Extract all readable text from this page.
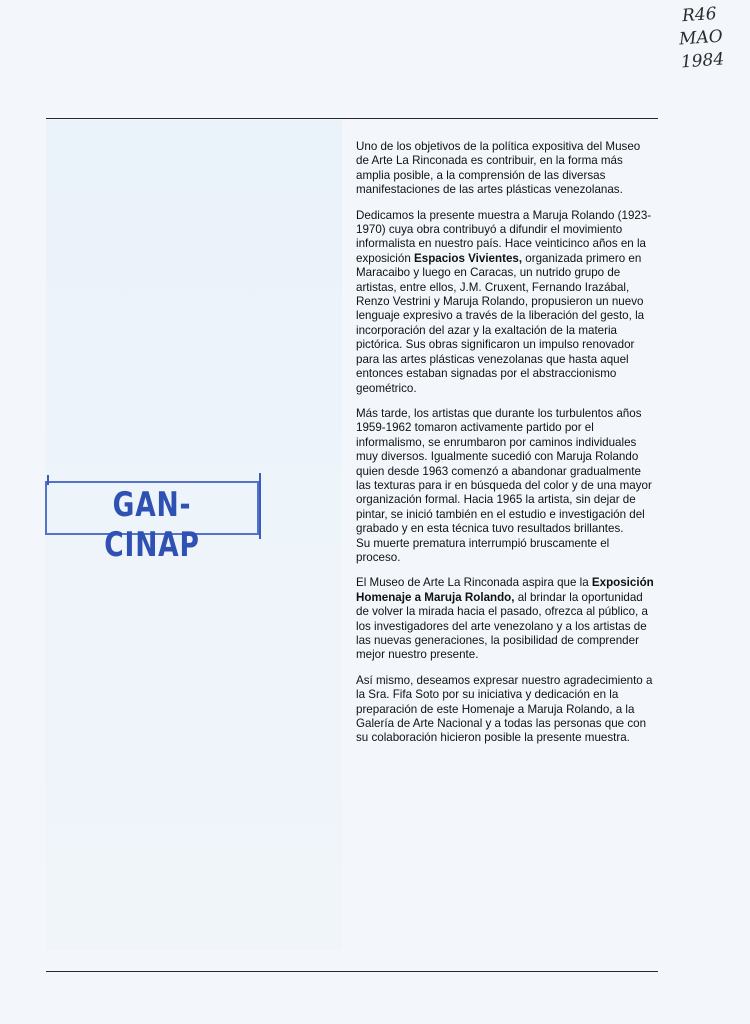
R46
MAO
1984
GAN-CINAP

Uno de los objetivos de la política expositiva del Museo de Arte La Rinconada es contribuir, en la forma más amplia posible, a la comprensión de las diversas manifestaciones de las artes plásticas venezolanas.

Dedicamos la presente muestra a Maruja Rolando (1923-1970) cuya obra contribuyó a difundir el movimiento informalista en nuestro país. Hace veinticinco años en la exposición Espacios Vivientes, organizada primero en Maracaibo y luego en Caracas, un nutrido grupo de artistas, entre ellos, J.M. Cruxent, Fernando Irazábal, Renzo Vestrini y Maruja Rolando, propusieron un nuevo lenguaje expresivo a través de la liberación del gesto, la incorporación del azar y la exaltación de la materia pictórica. Sus obras significaron un impulso renovador para las artes plásticas venezolanas que hasta aquel entonces estaban signadas por el abstraccionismo geométrico.

Más tarde, los artistas que durante los turbulentos años 1959-1962 tomaron activamente partido por el informalismo, se enrumbaron por caminos individuales muy diversos. Igualmente sucedió con Maruja Rolando quien desde 1963 comenzó a abandonar gradualmente las texturas para ir en búsqueda del color y de una mayor organización formal. Hacia 1965 la artista, sin dejar de pintar, se inició también en el estudio e investigación del grabado y en esta técnica tuvo resultados brillantes.
Su muerte prematura interrumpió bruscamente el proceso.

El Museo de Arte La Rinconada aspira que la Exposición Homenaje a Maruja Rolando, al brindar la oportunidad de volver la mirada hacia el pasado, ofrezca al público, a los investigadores del arte venezolano y a los artistas de las nuevas generaciones, la posibilidad de comprender mejor nuestro presente.

Así mismo, deseamos expresar nuestro agradecimiento a la Sra. Fifa Soto por su iniciativa y dedicación en la preparación de este Homenaje a Maruja Rolando, a la Galería de Arte Nacional y a todas las personas que con su colaboración hicieron posible la presente muestra.
